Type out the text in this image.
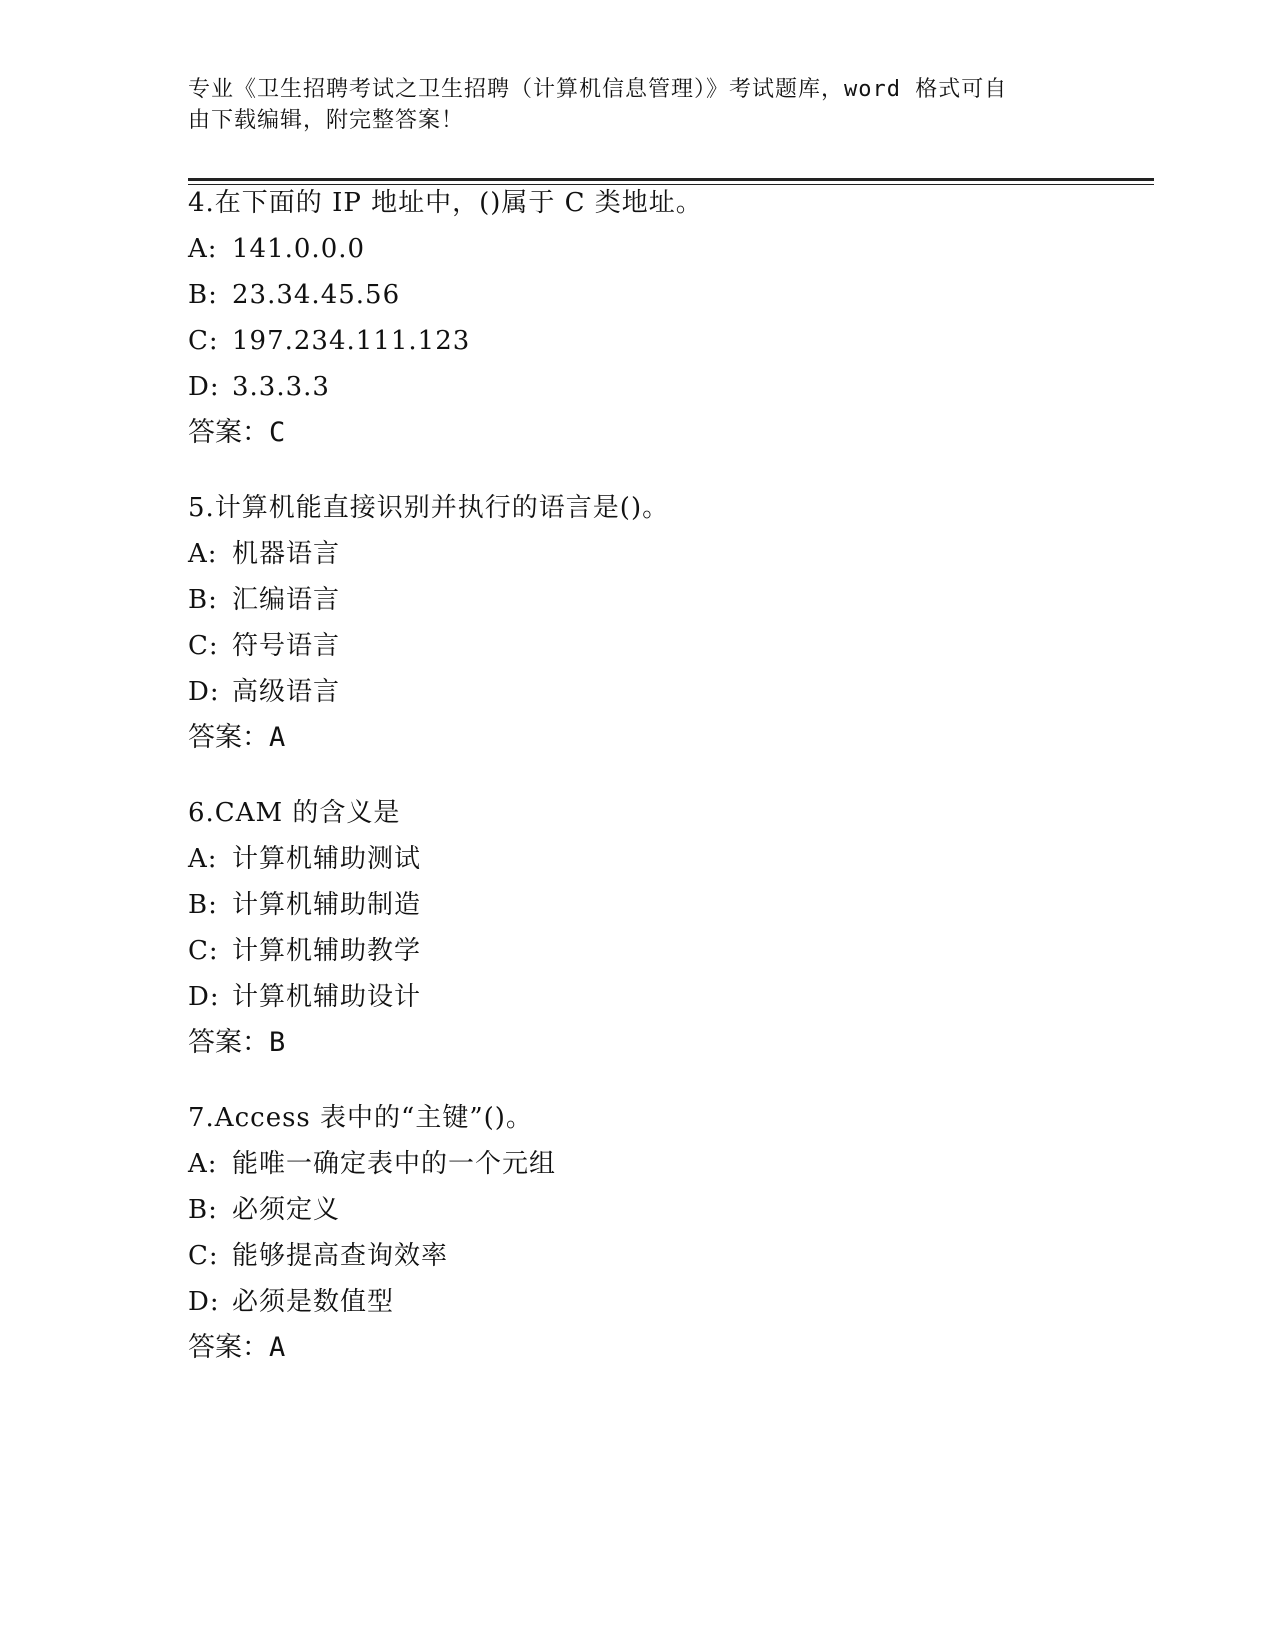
专业《卫生招聘考试之卫生招聘（计算机信息管理）》考试题库，word 格式可自
由下载编辑，附完整答案！
4.在下面的 IP 地址中，()属于 C 类地址。
A: 141.0.0.0
B: 23.34.45.56
C: 197.234.111.123
D: 3.3.3.3
答案：C
5.计算机能直接识别并执行的语言是()。
A: 机器语言
B: 汇编语言
C: 符号语言
D: 高级语言
答案：A
6.CAM 的含义是
A: 计算机辅助测试
B: 计算机辅助制造
C: 计算机辅助教学
D: 计算机辅助设计
答案：B
7.Access 表中的“主键”()。
A: 能唯一确定表中的一个元组
B: 必须定义
C: 能够提高查询效率
D: 必须是数值型
答案：A
